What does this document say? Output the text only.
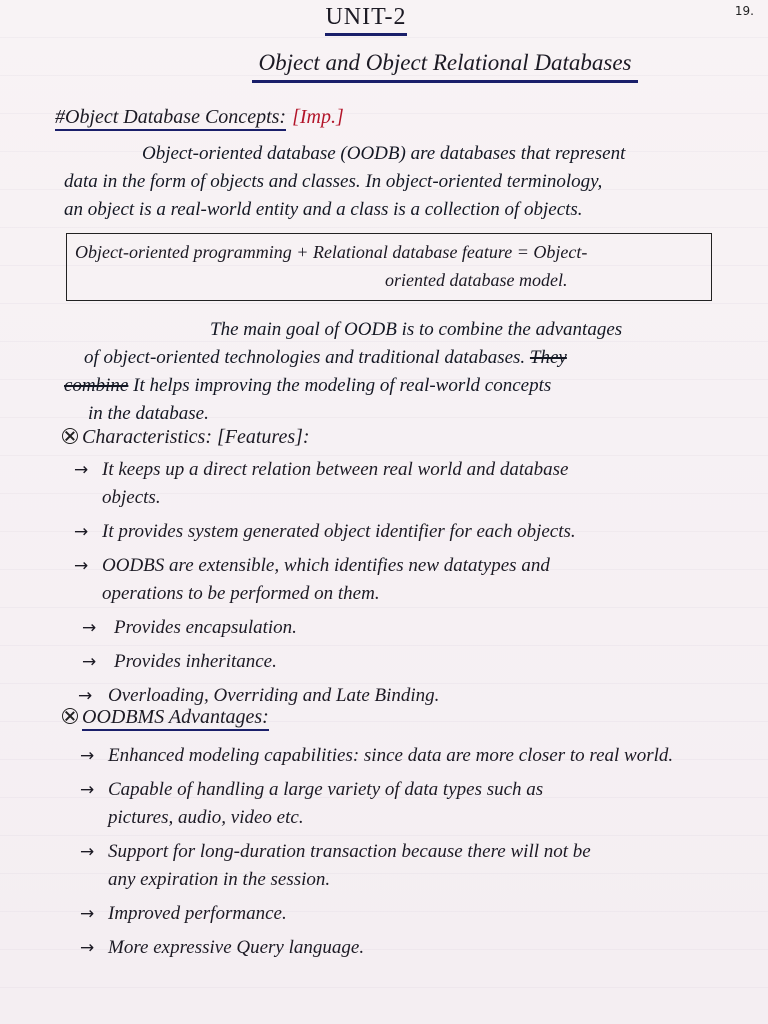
19.
UNIT-2
Object and Object Relational Databases
#Object Database Concepts: [Imp.]
Object-oriented database (OODB) are databases that represent
data in the form of objects and classes. In object-oriented terminology,
an object is a real-world entity and a class is a collection of objects.
Object-oriented programming + Relational database feature = Object-
oriented database model.
The main goal of OODB is to combine the advantages
of object-oriented technologies and traditional databases. They
combine It helps improving the modeling of real-world concepts
in the database.
Characteristics: [Features]:
→ It keeps up a direct relation between real world and database
objects.
→ It provides system generated object identifier for each objects.
→ OODBS are extensible, which identifies new datatypes and
operations to be performed on them.
→ Provides encapsulation.
→ Provides inheritance.
→ Overloading, Overriding and Late Binding.
OODBMS Advantages:
→ Enhanced modeling capabilities: since data are more closer to real world.
→ Capable of handling a large variety of data types such as
pictures, audio, video etc.
→ Support for long-duration transaction because there will not be
any expiration in the session.
→ Improved performance.
→ More expressive Query language.
